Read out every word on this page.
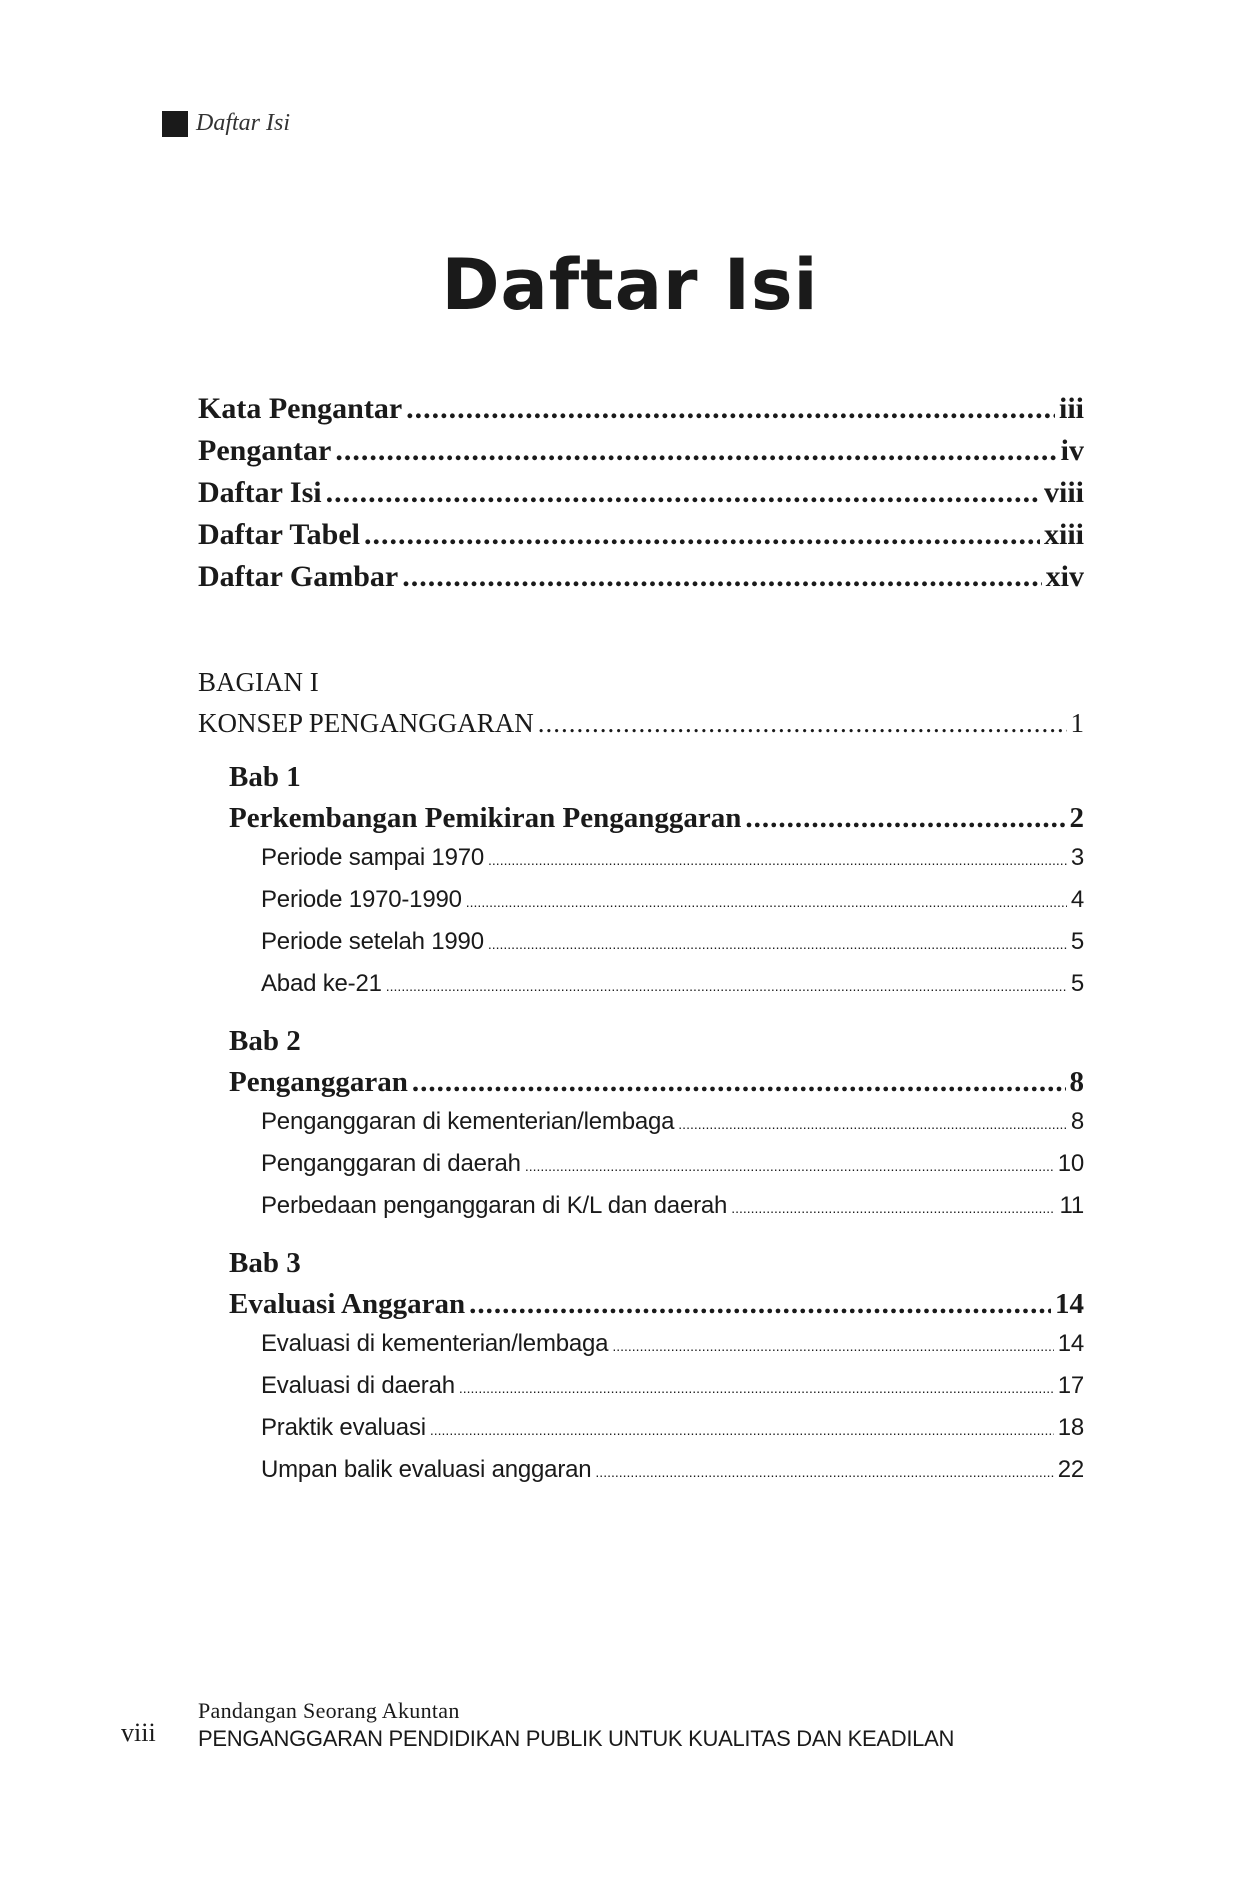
Daftar Isi
Daftar Isi
Kata Pengantar .....	iii
Pengantar .....	iv
Daftar Isi .....	viii
Daftar Tabel .....	xiii
Daftar Gambar .....	xiv
BAGIAN I
KONSEP PENGANGGARAN .....	1
Bab 1
Perkembangan Pemikiran Penganggaran .....	2
Periode sampai 1970 .....	3
Periode 1970-1990 .....	4
Periode setelah 1990 .....	5
Abad ke-21 .....	5
Bab 2
Penganggaran .....	8
Penganggaran di kementerian/lembaga .....	8
Penganggaran di daerah .....	10
Perbedaan penganggaran di K/L dan daerah .....	11
Bab 3
Evaluasi Anggaran .....	14
Evaluasi di kementerian/lembaga .....	14
Evaluasi di daerah .....	17
Praktik evaluasi .....	18
Umpan balik evaluasi anggaran .....	22
viii
Pandangan Seorang Akuntan
PENGANGGARAN PENDIDIKAN PUBLIK UNTUK KUALITAS DAN KEADILAN
